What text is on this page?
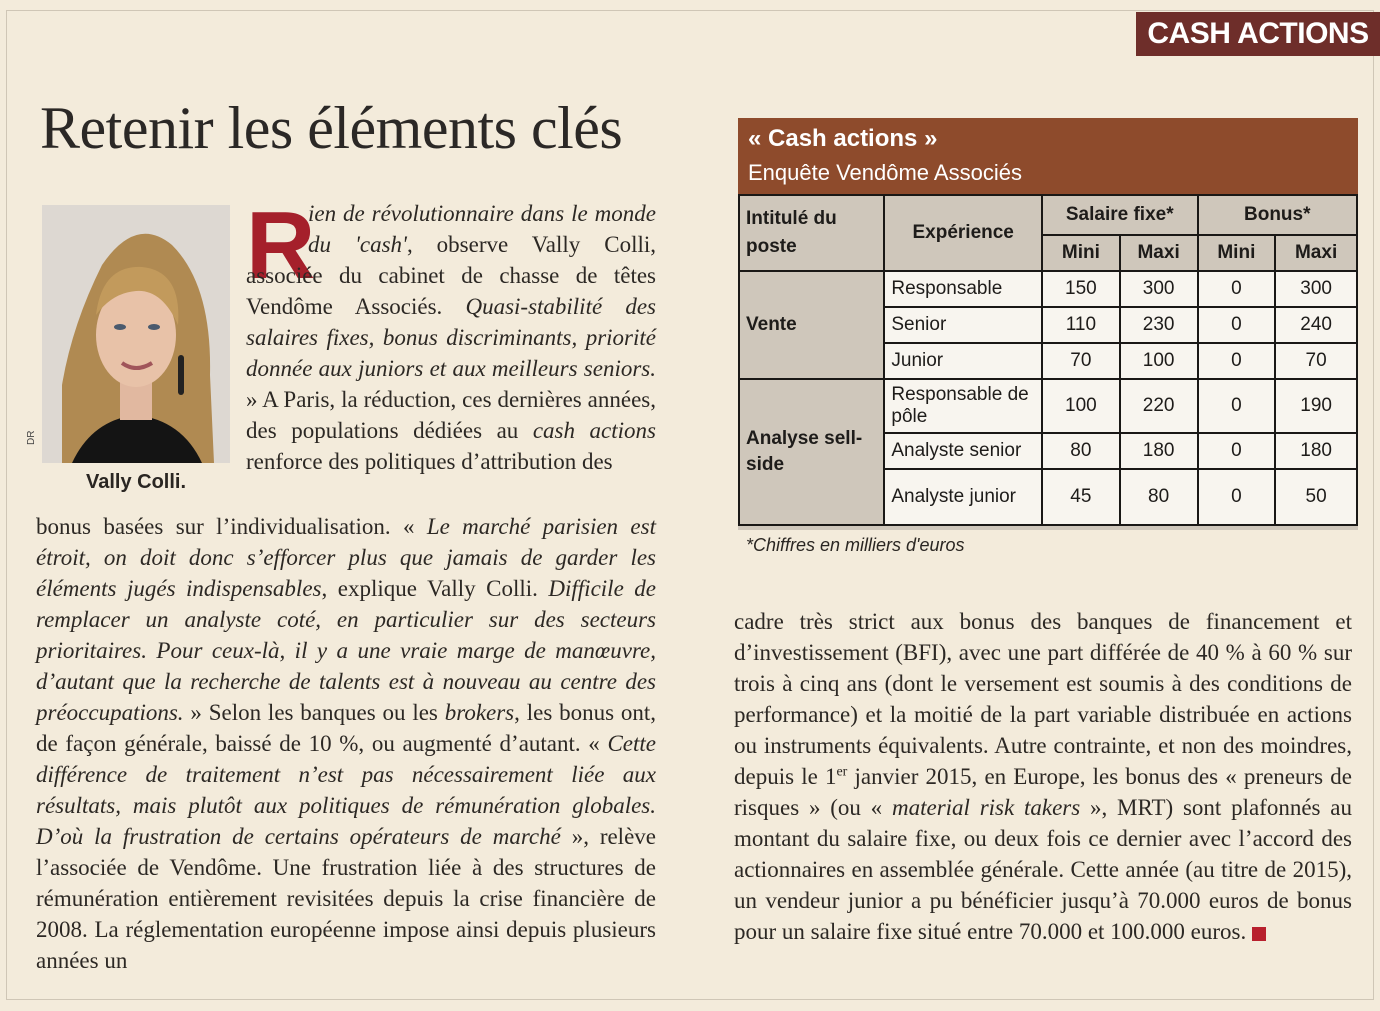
CASH ACTIONS
Retenir les éléments clés
DR
Vally Colli.
R

ien de révolutionnaire dans le monde du 'cash', observe Vally Colli, associée du cabinet de chasse de têtes Vendôme Associés. Quasi-stabilité des salaires fixes, bonus discriminants, priorité donnée aux juniors et aux meilleurs seniors. » A Paris, la réduction, ces dernières années, des populations dédiées au cash actions renforce des politiques d’attribution des

bonus basées sur l’individualisation. « Le marché parisien est étroit, on doit donc s’efforcer plus que jamais de garder les éléments jugés indispensables, explique Vally Colli. Difficile de remplacer un analyste coté, en particulier sur des secteurs prioritaires. Pour ceux-là, il y a une vraie marge de manœuvre, d’autant que la recherche de talents est à nouveau au centre des préoccupations. » Selon les banques ou les brokers, les bonus ont, de façon générale, baissé de 10 %, ou augmenté d’autant. « Cette différence de traitement n’est pas nécessairement liée aux résultats, mais plutôt aux politiques de rémunération globales. D’où la frustration de certains opérateurs de marché », relève l’associée de Vendôme. Une frustration liée à des structures de rémunération entièrement revisitées depuis la crise financière de 2008. La réglementation européenne impose ainsi depuis plusieurs années un

« Cash actions »
Enquête Vendôme Associés
Intitulé du poste	Expérience	Salaire fixe*		Bonus*	
		Mini	Maxi	Mini	Maxi
Vente	Responsable	150	300	0	300
	Senior	110	230	0	240
	Junior	70	100	0	70
Analyse sell-side	Responsable de pôle	100	220	0	190
	Analyste senior	80	180	0	180
	Analyste junior	45	80	0	50
*Chiffres en milliers d'euros

cadre très strict aux bonus des banques de financement et d’investissement (BFI), avec une part différée de 40 % à 60 % sur trois à cinq ans (dont le versement est soumis à des conditions de performance) et la moitié de la part variable distribuée en actions ou instruments équivalents. Autre contrainte, et non des moindres, depuis le 1er janvier 2015, en Europe, les bonus des « preneurs de risques » (ou « material risk takers », MRT) sont plafonnés au montant du salaire fixe, ou deux fois ce dernier avec l’accord des actionnaires en assemblée générale. Cette année (au titre de 2015), un vendeur junior a pu bénéficier jusqu’à 70.000 euros de bonus pour un salaire fixe situé entre 70.000 et 100.000 euros.
